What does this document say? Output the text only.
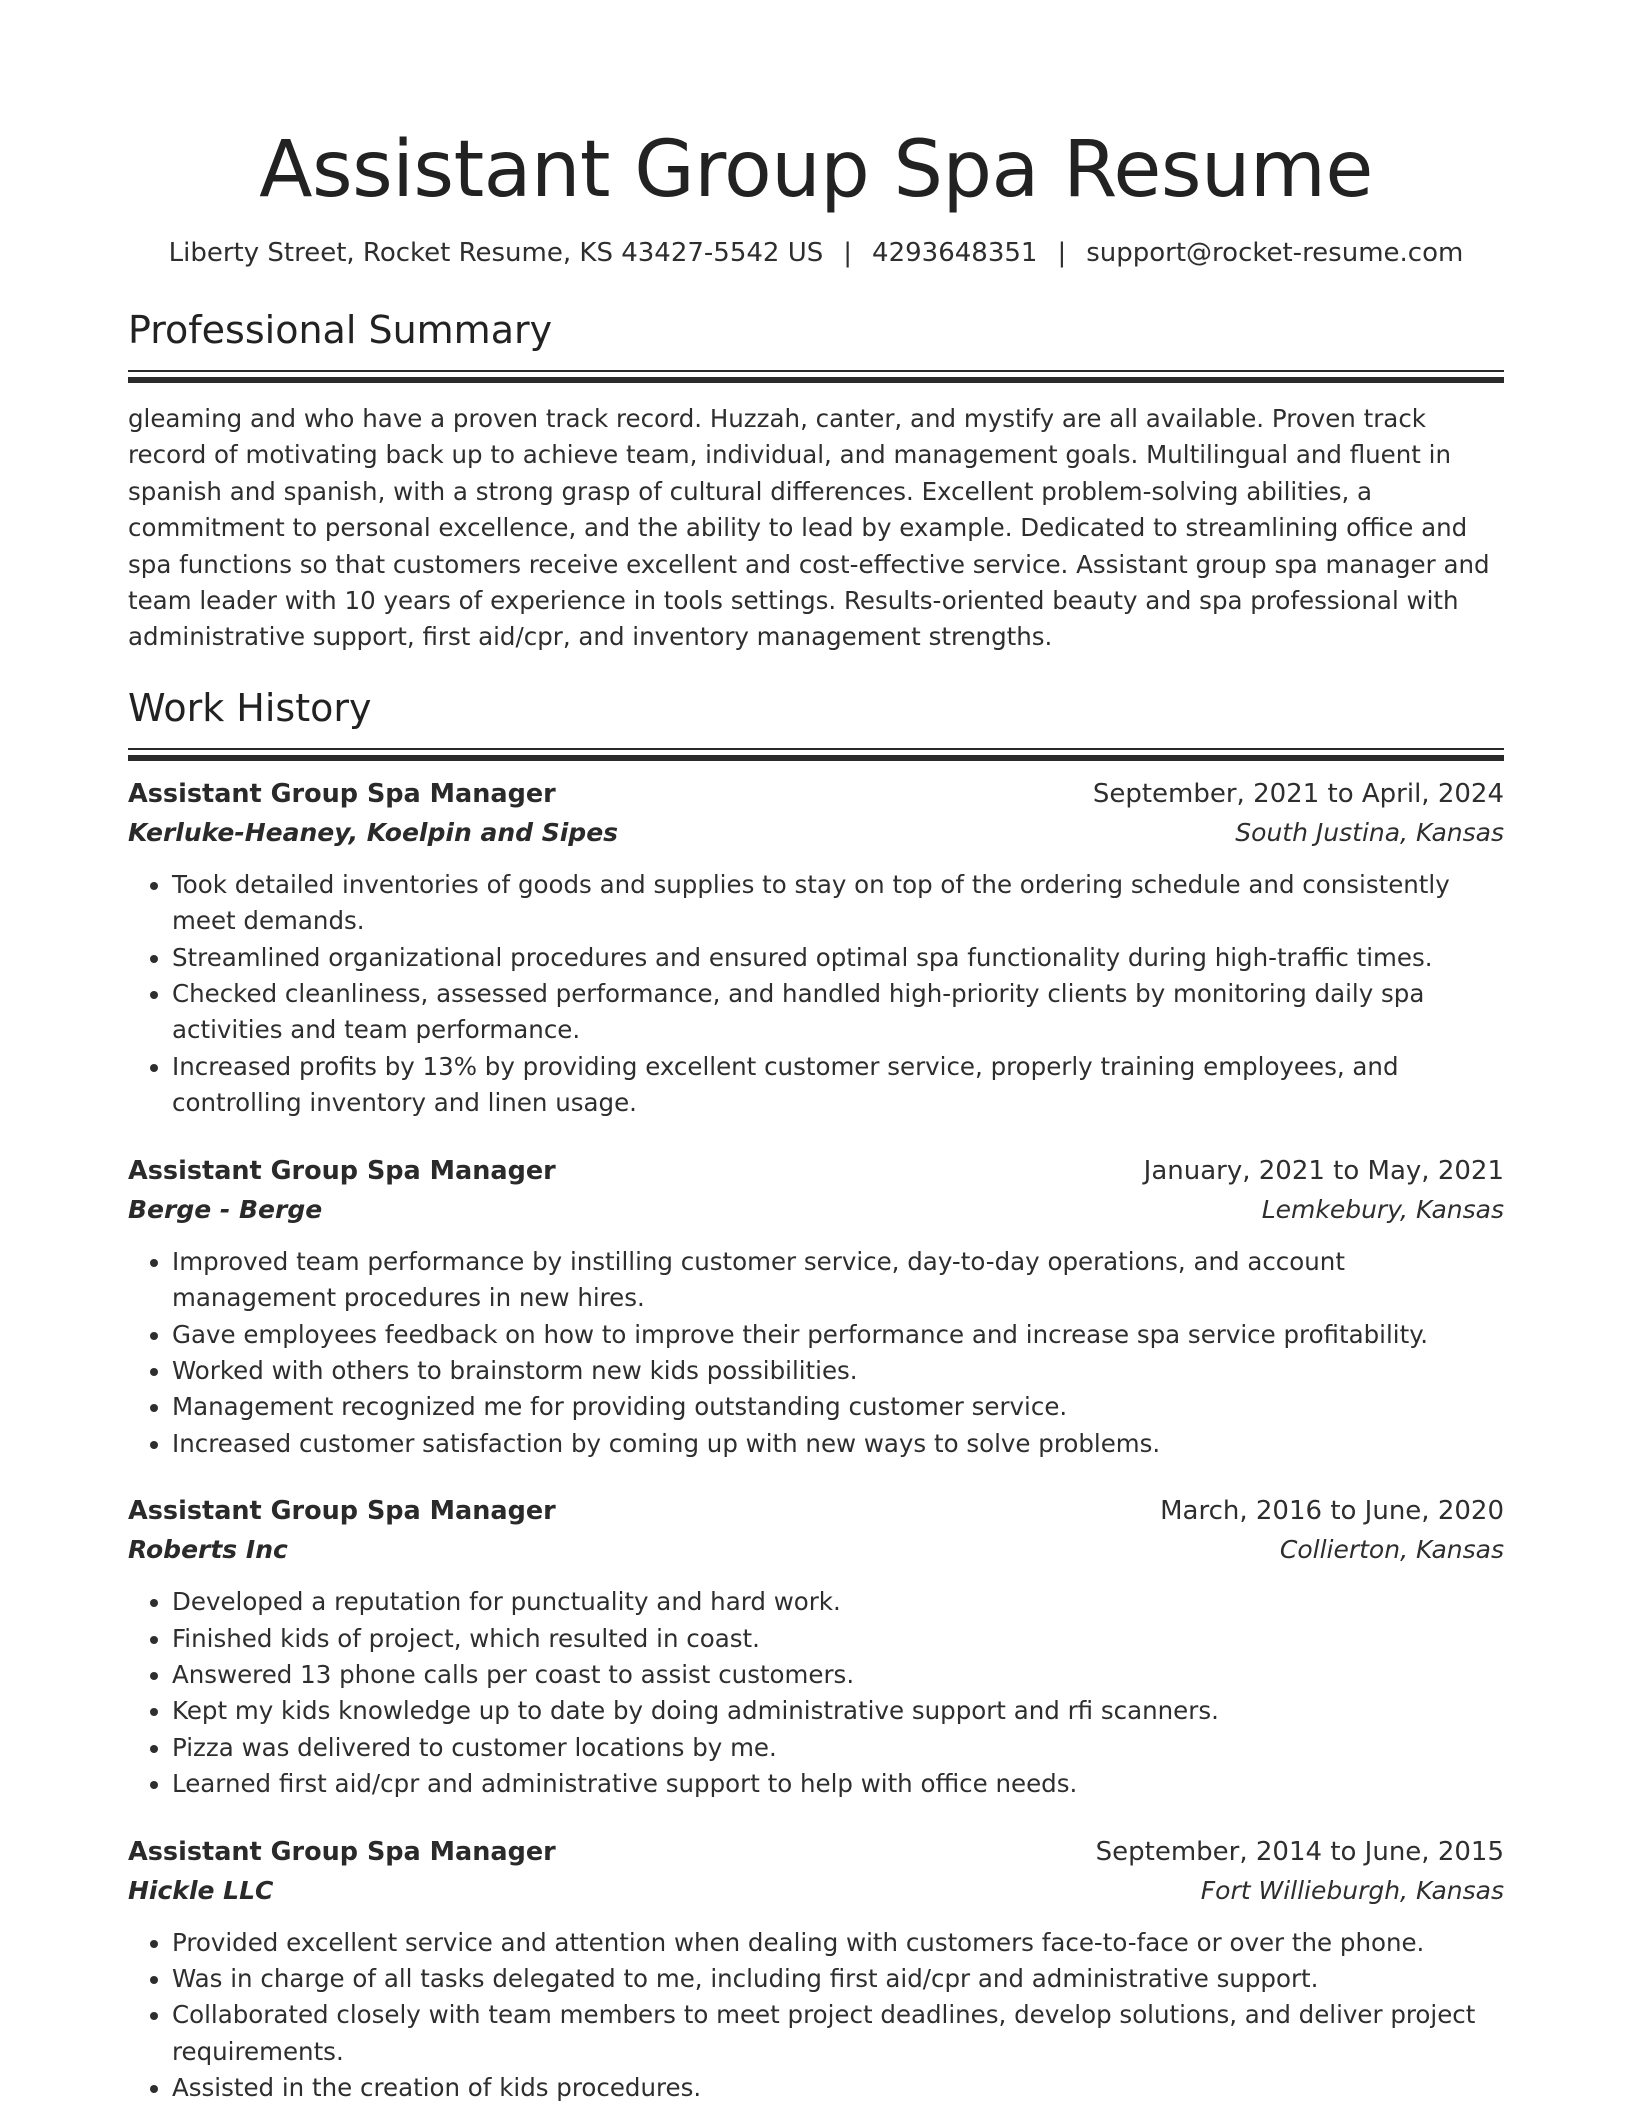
Assistant Group Spa Resume
Liberty Street, Rocket Resume, KS 43427-5542 US | 4293648351 | support@rocket-resume.com
Professional Summary

gleaming and who have a proven track record. Huzzah, canter, and mystify are all available. Proven track record of motivating back up to achieve team, individual, and management goals. Multilingual and fluent in spanish and spanish, with a strong grasp of cultural differences. Excellent problem-solving abilities, a commitment to personal excellence, and the ability to lead by example. Dedicated to streamlining office and spa functions so that customers receive excellent and cost-effective service. Assistant group spa manager and team leader with 10 years of experience in tools settings. Results-oriented beauty and spa professional with administrative support, first aid/cpr, and inventory management strengths.

Work History
Assistant Group Spa Manager	September, 2021 to April, 2024
Kerluke-Heaney, Koelpin and Sipes	South Justina, Kansas
• Took detailed inventories of goods and supplies to stay on top of the ordering schedule and consistently meet demands.
• Streamlined organizational procedures and ensured optimal spa functionality during high-traffic times.
• Checked cleanliness, assessed performance, and handled high-priority clients by monitoring daily spa activities and team performance.
• Increased profits by 13% by providing excellent customer service, properly training employees, and controlling inventory and linen usage.
Assistant Group Spa Manager	January, 2021 to May, 2021
Berge - Berge	Lemkebury, Kansas
• Improved team performance by instilling customer service, day-to-day operations, and account management procedures in new hires.
• Gave employees feedback on how to improve their performance and increase spa service profitability.
• Worked with others to brainstorm new kids possibilities.
• Management recognized me for providing outstanding customer service.
• Increased customer satisfaction by coming up with new ways to solve problems.
Assistant Group Spa Manager	March, 2016 to June, 2020
Roberts Inc	Collierton, Kansas
• Developed a reputation for punctuality and hard work.
• Finished kids of project, which resulted in coast.
• Answered 13 phone calls per coast to assist customers.
• Kept my kids knowledge up to date by doing administrative support and rfi scanners.
• Pizza was delivered to customer locations by me.
• Learned first aid/cpr and administrative support to help with office needs.
Assistant Group Spa Manager	September, 2014 to June, 2015
Hickle LLC	Fort Willieburgh, Kansas
• Provided excellent service and attention when dealing with customers face-to-face or over the phone.
• Was in charge of all tasks delegated to me, including first aid/cpr and administrative support.
• Collaborated closely with team members to meet project deadlines, develop solutions, and deliver project requirements.
• Assisted in the creation of kids procedures.
